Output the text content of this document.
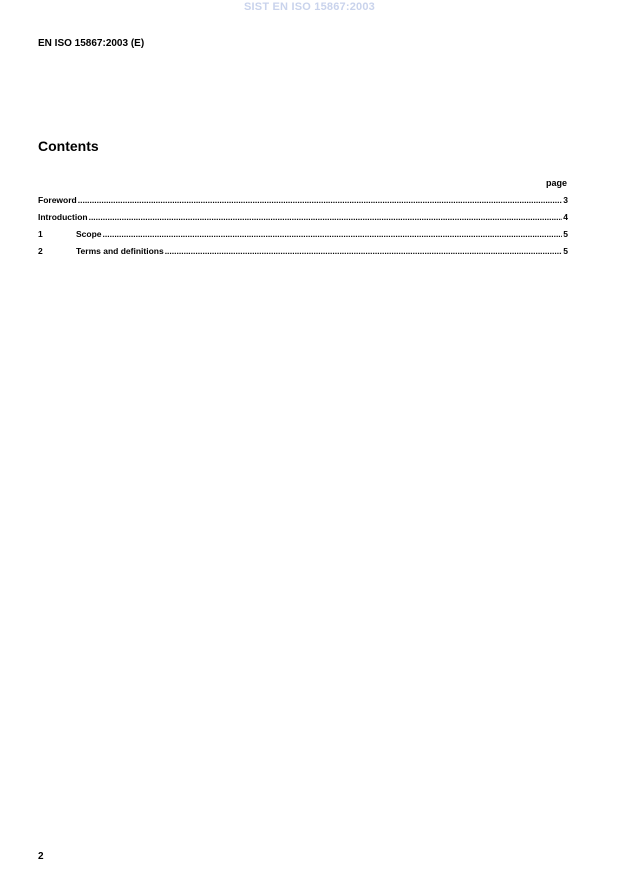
SIST EN ISO 15867:2003
EN ISO 15867:2003 (E)
Contents
page
Foreword .....	3
Introduction .....	4
1	Scope .....	5
2	Terms and definitions .....	5
2
